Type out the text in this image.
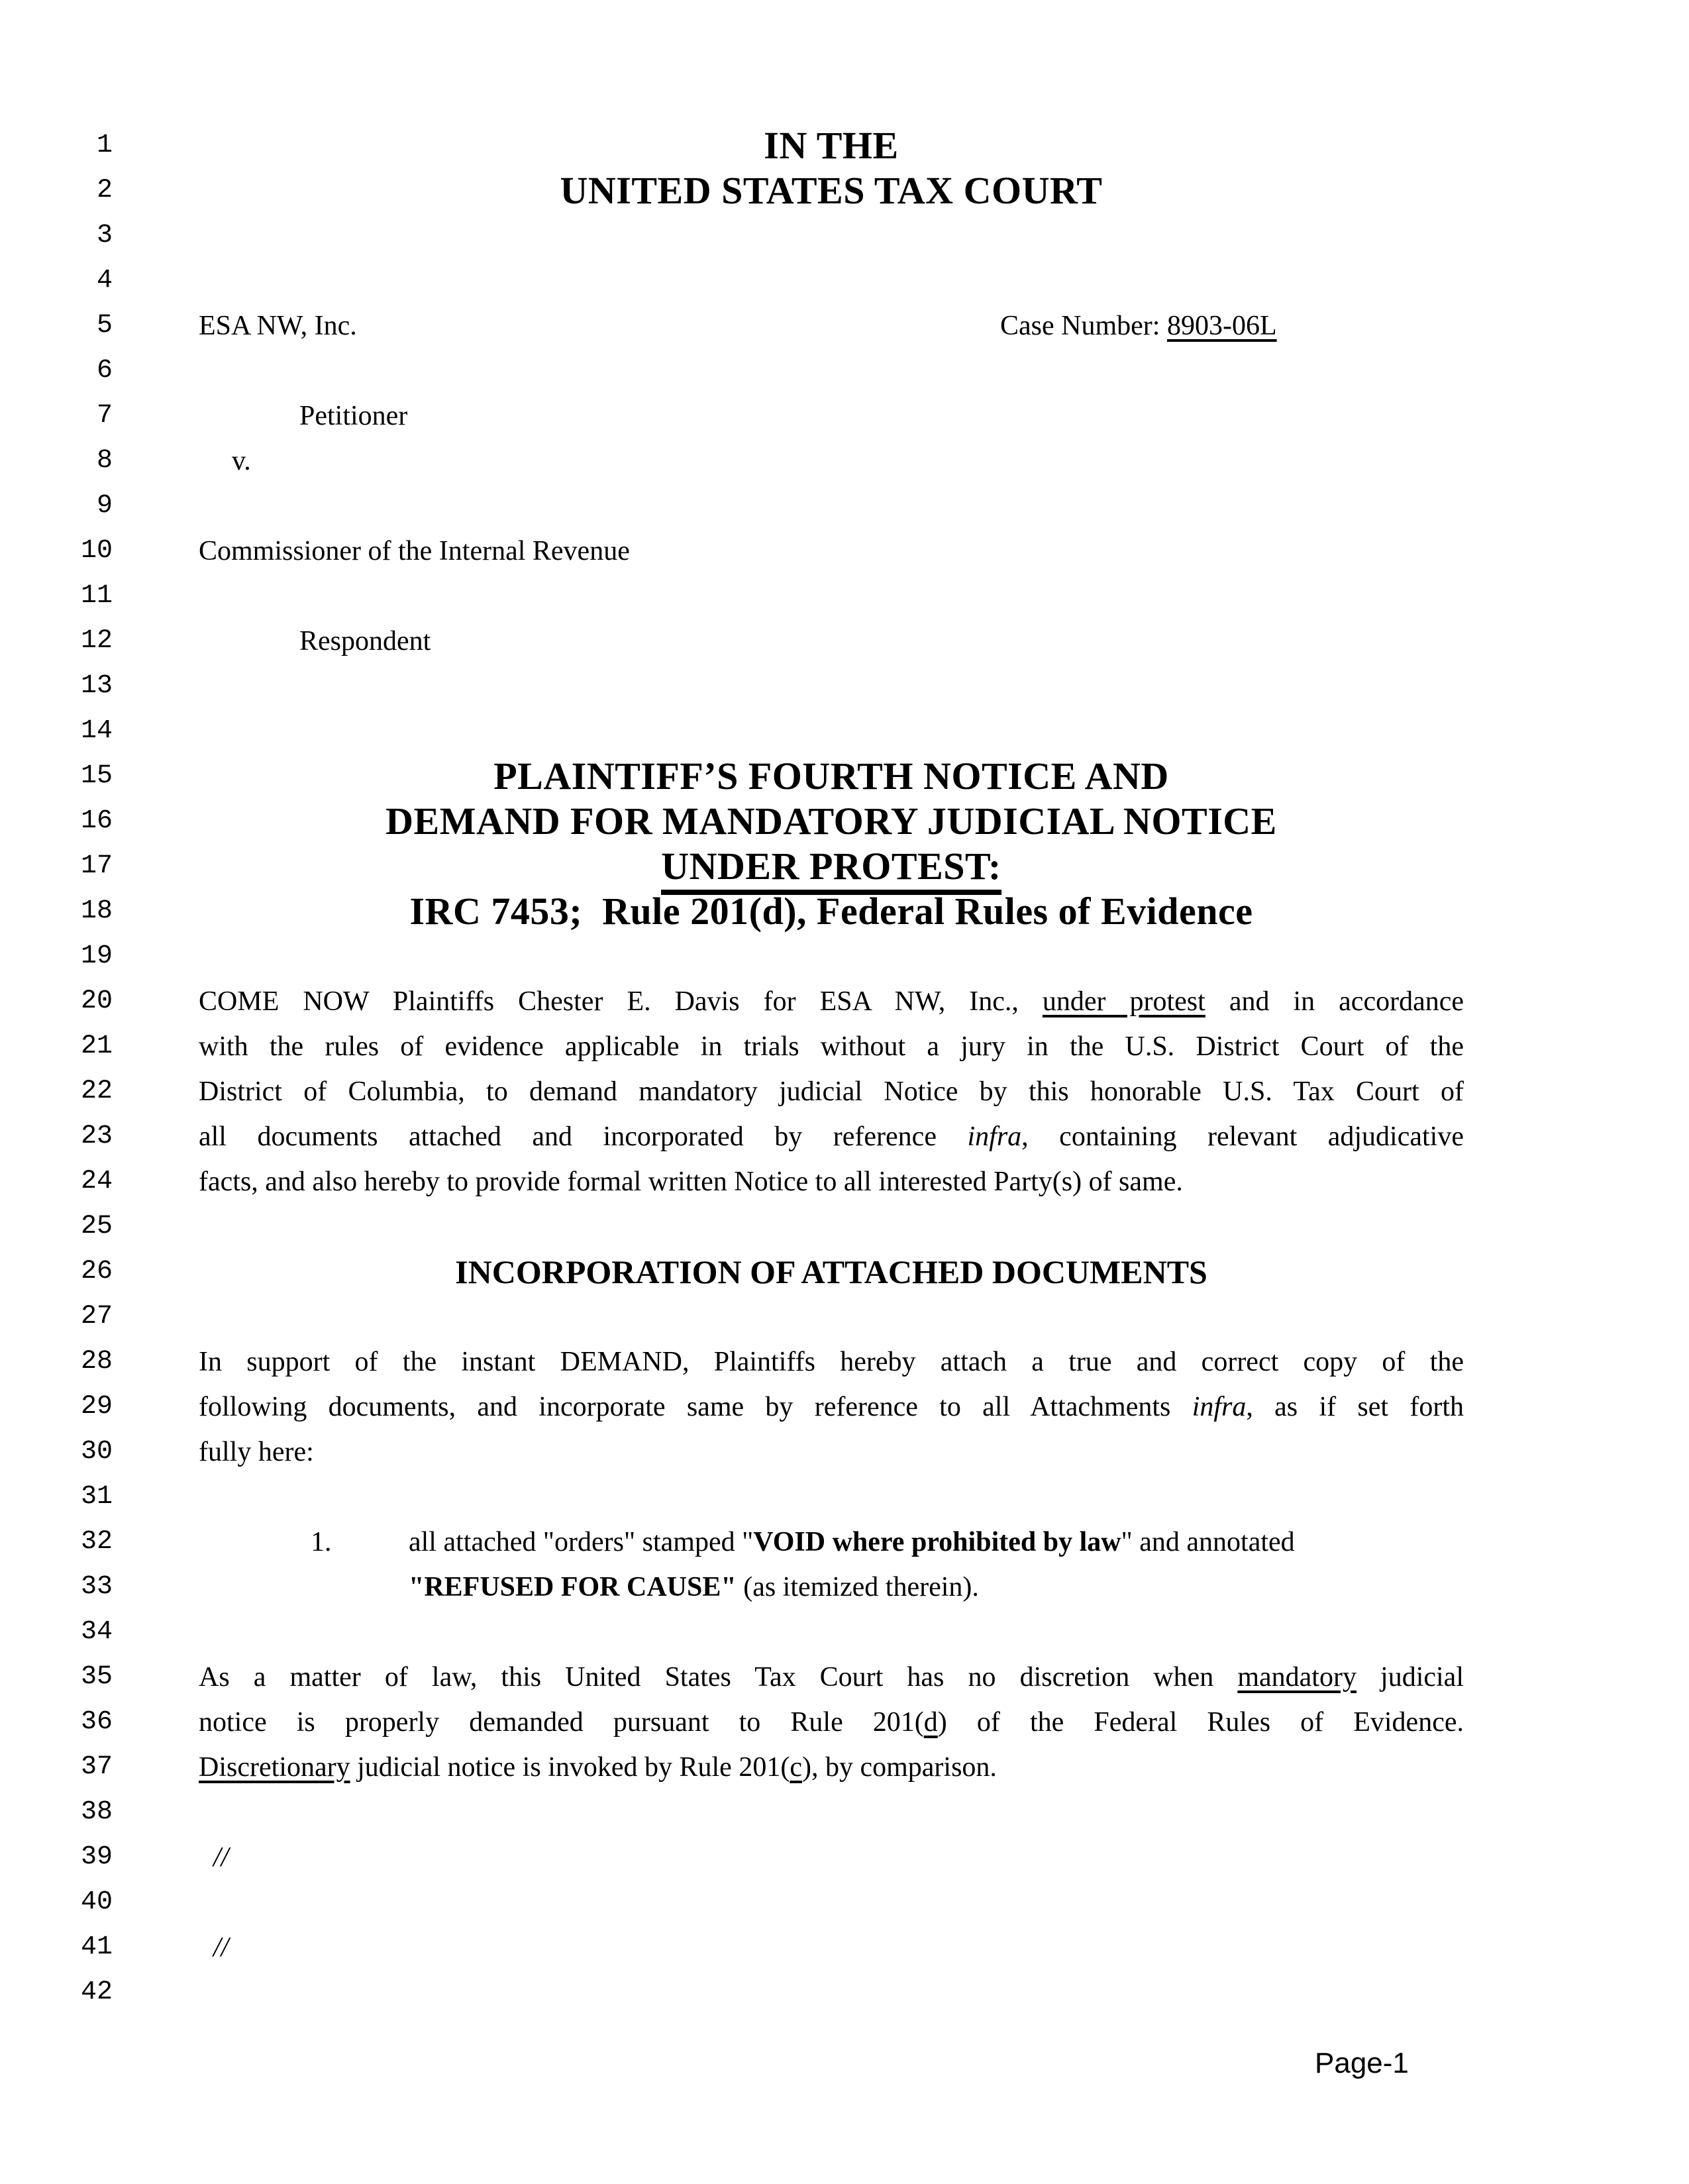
1	IN THE
2	UNITED STATES TAX COURT
3
4
5	ESA NW, Inc.	Case Number: 8903-06L
6
7	Petitioner
8	v.
9
10	Commissioner of the Internal Revenue
11
12	Respondent
13
14
15	PLAINTIFF’S FOURTH NOTICE AND
16	DEMAND FOR MANDATORY JUDICIAL NOTICE
17	UNDER PROTEST:
18	IRC 7453;  Rule 201(d), Federal Rules of Evidence
19
20	COME NOW Plaintiffs Chester E. Davis for ESA NW, Inc., under protest and in accordance
21	with the rules of evidence applicable in trials without a jury in the U.S. District Court of the
22	District of Columbia, to demand mandatory judicial Notice by this honorable U.S. Tax Court of
23	all documents attached and incorporated by reference infra, containing relevant adjudicative
24	facts, and also hereby to provide formal written Notice to all interested Party(s) of same.
25
26	INCORPORATION OF ATTACHED DOCUMENTS
27
28	In support of the instant DEMAND, Plaintiffs hereby attach a true and correct copy of the
29	following documents, and incorporate same by reference to all Attachments infra, as if set forth
30	fully here:
31
32	1.	all attached "orders" stamped "VOID where prohibited by law" and annotated
33	"REFUSED FOR CAUSE" (as itemized therein).
34
35	As a matter of law, this United States Tax Court has no discretion when mandatory judicial
36	notice is properly demanded pursuant to Rule 201(d) of the Federal Rules of Evidence.
37	Discretionary judicial notice is invoked by Rule 201(c), by comparison.
38
39	//
40
41	//
42
Page-1
